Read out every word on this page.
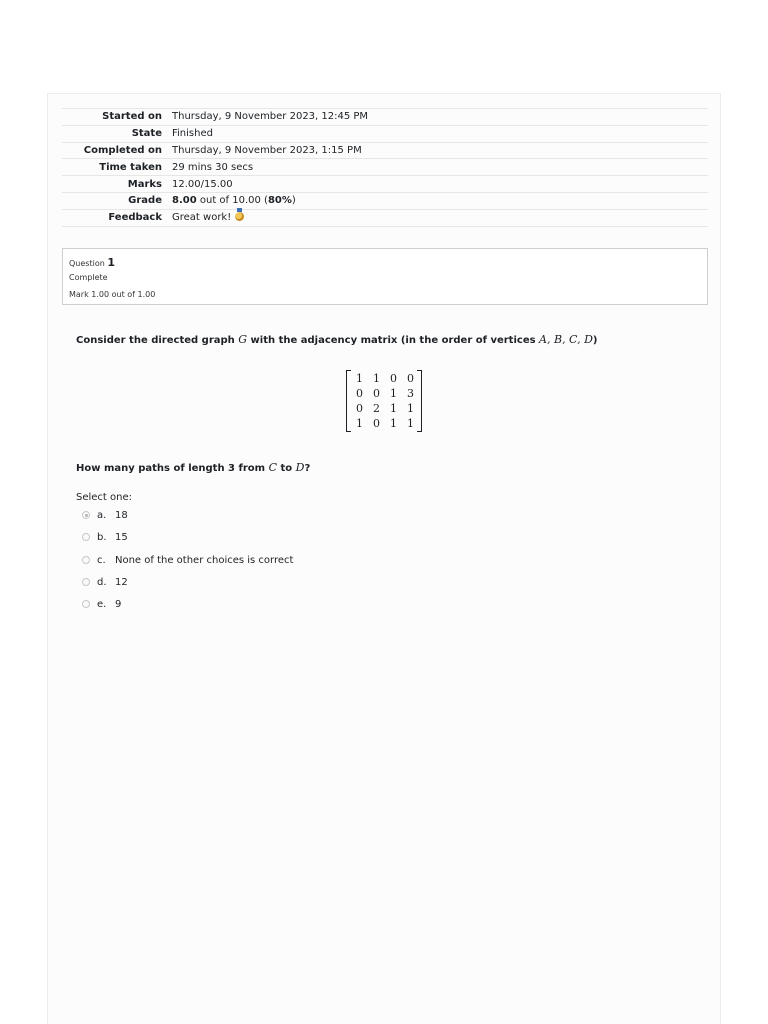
Started on	Thursday, 9 November 2023, 12:45 PM
State	Finished
Completed on	Thursday, 9 November 2023, 1:15 PM
Time taken	29 mins 30 secs
Marks	12.00/15.00
Grade	8.00 out of 10.00 (80%)
Feedback	Great work!
Question 1
Complete
Mark 1.00 out of 1.00
Consider the directed graph G with the adjacency matrix (in the order of vertices A, B, C, D)
1	1	0	0
0	0	1	3
0	2	1	1
1	0	1	1
How many paths of length 3 from C to D?
Select one:
a. 18
b. 15
c. None of the other choices is correct
d. 12
e. 9
